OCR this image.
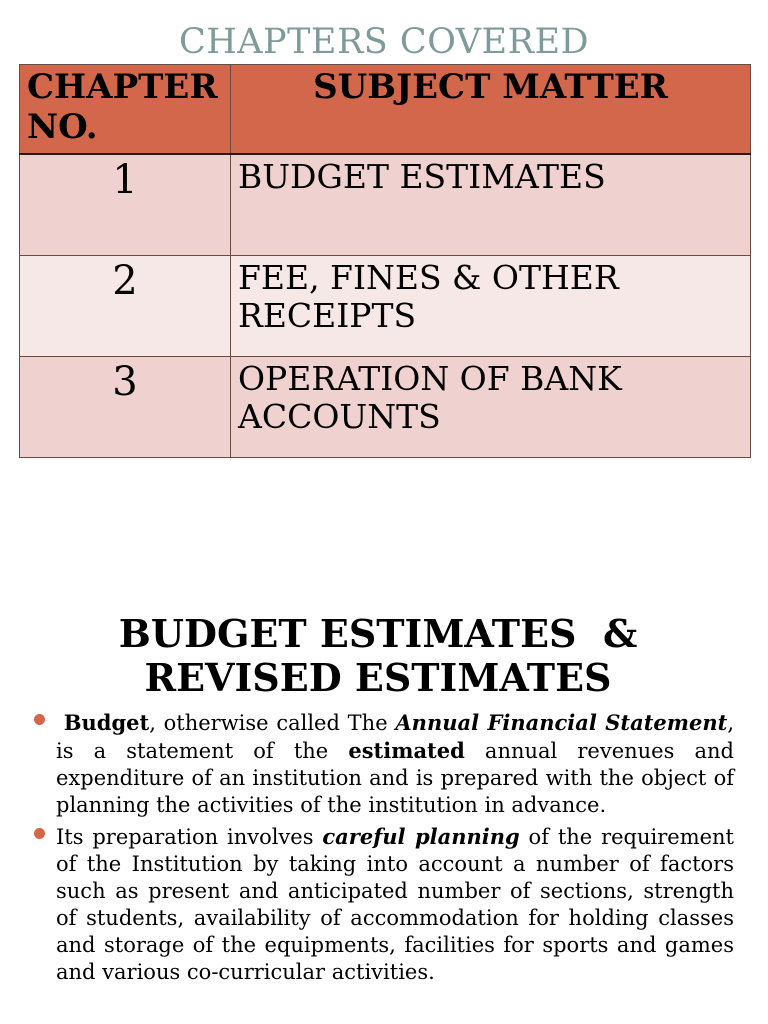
CHAPTERS COVERED
CHAPTER NO.	SUBJECT MATTER
1	BUDGET ESTIMATES
2	FEE, FINES & OTHER RECEIPTS
3	OPERATION OF BANK ACCOUNTS
BUDGET ESTIMATES  &
REVISED ESTIMATES
Budget, otherwise called The Annual Financial Statement, is a statement of the estimated annual revenues and expenditure of an institution and is prepared with the object of planning the activities of the institution in advance.
Its preparation involves careful planning of the requirement of the Institution by taking into account a number of factors such as present and anticipated number of sections, strength of students, availability of accommodation for holding classes and storage of the equipments, facilities for sports and games and various co-curricular activities.
